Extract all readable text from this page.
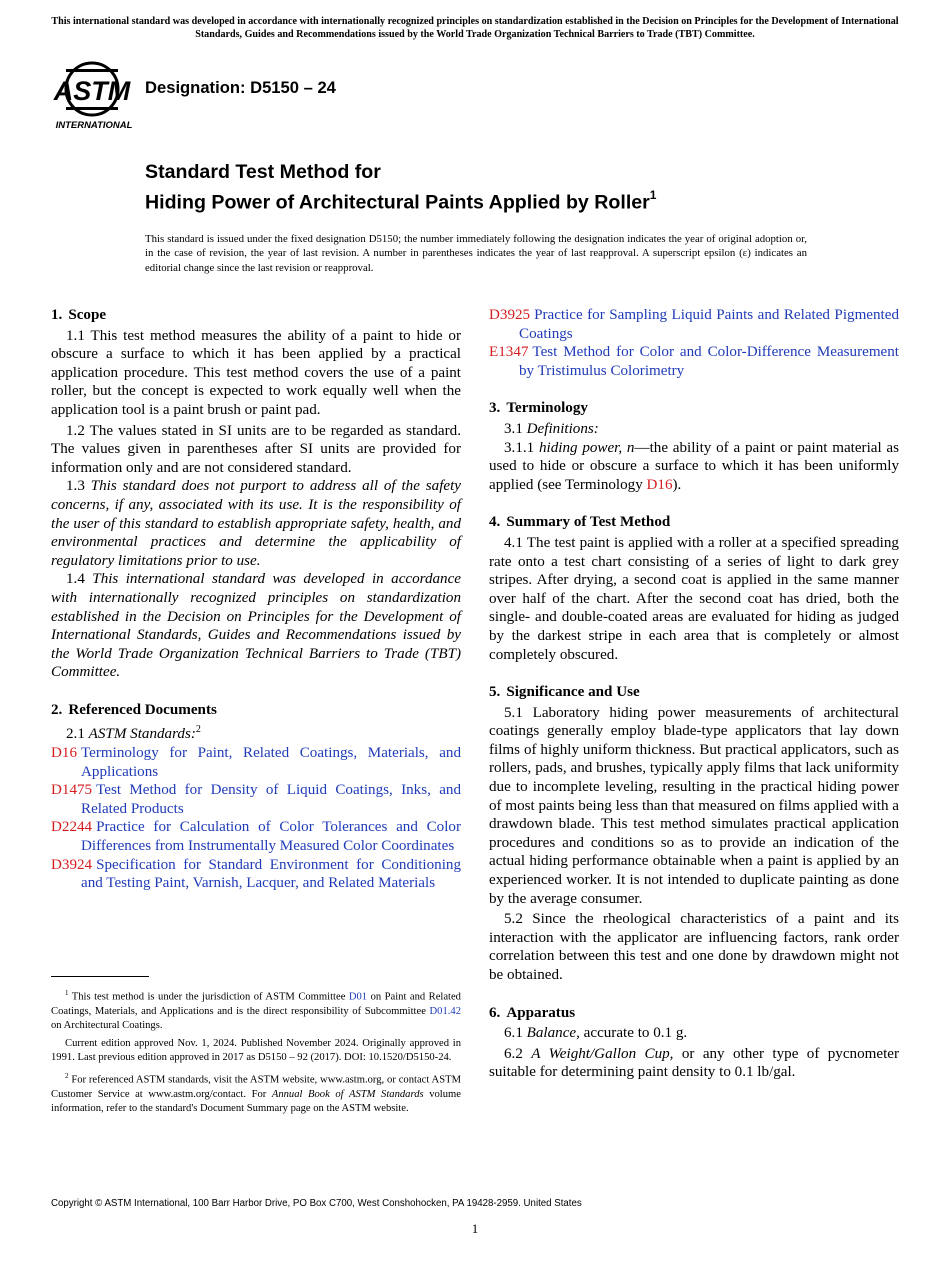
This international standard was developed in accordance with internationally recognized principles on standardization established in the Decision on Principles for the Development of International Standards, Guides and Recommendations issued by the World Trade Organization Technical Barriers to Trade (TBT) Committee.
ASTM
INTERNATIONAL
Designation: D5150 – 24
Standard Test Method for
Hiding Power of Architectural Paints Applied by Roller$^1$
This standard is issued under the fixed designation D5150; the number immediately following the designation indicates the year of original adoption or, in the case of revision, the year of last revision. A number in parentheses indicates the year of last reapproval. A superscript epsilon (ε) indicates an editorial change since the last revision or reapproval.
1. Scope

1.1 This test method measures the ability of a paint to hide or obscure a surface to which it has been applied by a practical application procedure. This test method covers the use of a paint roller, but the concept is expected to work equally well when the application tool is a paint brush or paint pad.

1.2 The values stated in SI units are to be regarded as standard. The values given in parentheses after SI units are provided for information only and are not considered standard.

1.3 This standard does not purport to address all of the safety concerns, if any, associated with its use. It is the responsibility of the user of this standard to establish appropriate safety, health, and environmental practices and determine the applicability of regulatory limitations prior to use.

1.4 This international standard was developed in accordance with internationally recognized principles on standardization established in the Decision on Principles for the Development of International Standards, Guides and Recommendations issued by the World Trade Organization Technical Barriers to Trade (TBT) Committee.

2. Referenced Documents

2.1 ASTM Standards:$^2$

D16 Terminology for Paint, Related Coatings, Materials, and Applications
D1475 Test Method for Density of Liquid Coatings, Inks, and Related Products
D2244 Practice for Calculation of Color Tolerances and Color Differences from Instrumentally Measured Color Coordinates
D3924 Specification for Standard Environment for Conditioning and Testing Paint, Varnish, Lacquer, and Related Materials

$^1$ This test method is under the jurisdiction of ASTM Committee D01 on Paint and Related Coatings, Materials, and Applications and is the direct responsibility of Subcommittee D01.42 on Architectural Coatings.

Current edition approved Nov. 1, 2024. Published November 2024. Originally approved in 1991. Last previous edition approved in 2017 as D5150 – 92 (2017). DOI: 10.1520/D5150-24.

$^2$ For referenced ASTM standards, visit the ASTM website, www.astm.org, or contact ASTM Customer Service at www.astm.org/contact. For Annual Book of ASTM Standards volume information, refer to the standard's Document Summary page on the ASTM website.

D3925 Practice for Sampling Liquid Paints and Related Pigmented Coatings
E1347 Test Method for Color and Color-Difference Measurement by Tristimulus Colorimetry
3. Terminology

3.1 Definitions:

3.1.1 hiding power, n—the ability of a paint or paint material as used to hide or obscure a surface to which it has been uniformly applied (see Terminology D16).

4. Summary of Test Method

4.1 The test paint is applied with a roller at a specified spreading rate onto a test chart consisting of a series of light to dark grey stripes. After drying, a second coat is applied in the same manner over half of the chart. After the second coat has dried, both the single- and double-coated areas are evaluated for hiding as judged by the darkest stripe in each area that is completely or almost completely obscured.

5. Significance and Use

5.1 Laboratory hiding power measurements of architectural coatings generally employ blade-type applicators that lay down films of highly uniform thickness. But practical applicators, such as rollers, pads, and brushes, typically apply films that lack uniformity due to incomplete leveling, resulting in the practical hiding power of most paints being less than that measured on films applied with a drawdown blade. This test method simulates practical application procedures and conditions so as to provide an indication of the actual hiding performance obtainable when a paint is applied by an experienced worker. It is not intended to duplicate painting as done by the average consumer.

5.2 Since the rheological characteristics of a paint and its interaction with the applicator are influencing factors, rank order correlation between this test and one done by drawdown might not be obtained.

6. Apparatus

6.1 Balance, accurate to 0.1 g.

6.2 A Weight/Gallon Cup, or any other type of pycnometer suitable for determining paint density to 0.1 lb/gal.

Copyright © ASTM International, 100 Barr Harbor Drive, PO Box C700, West Conshohocken, PA 19428-2959. United States
1
